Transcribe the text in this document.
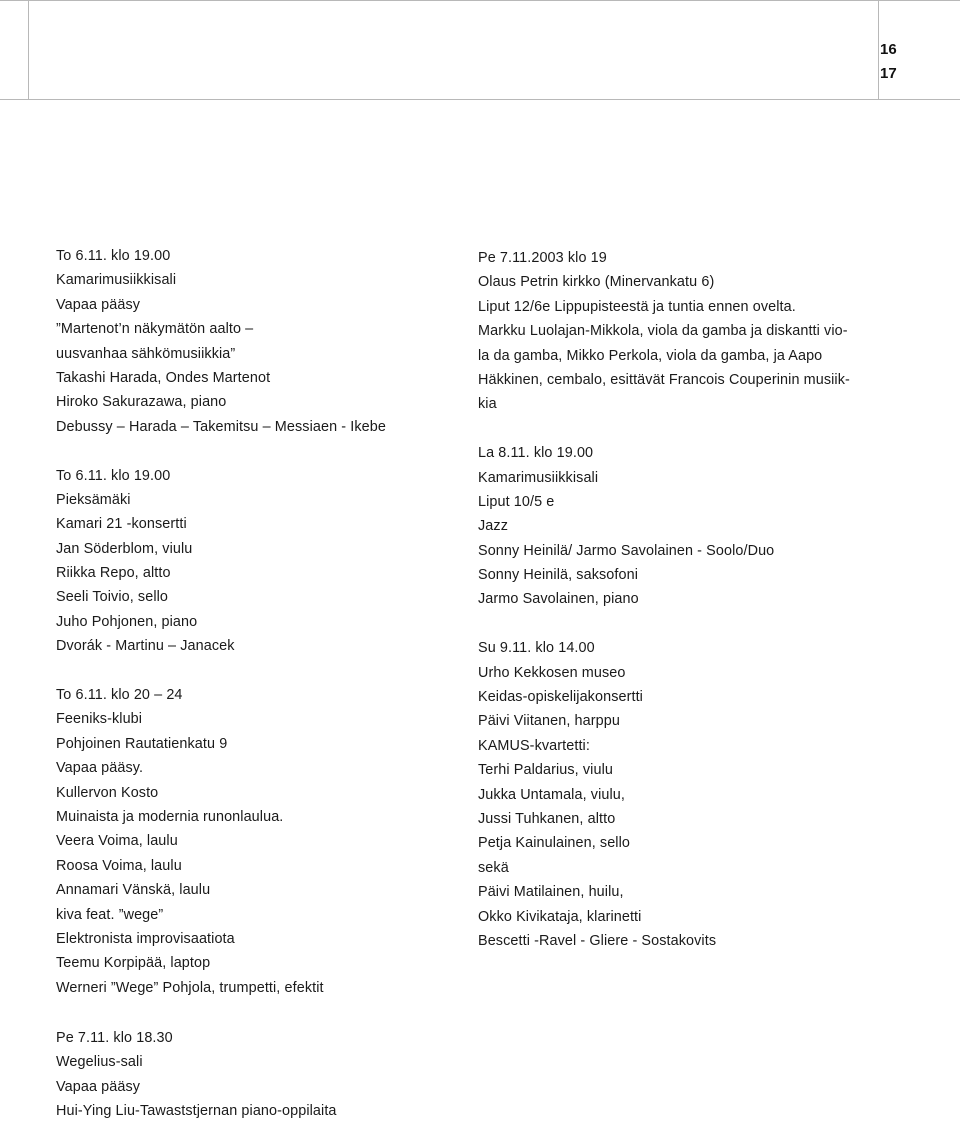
16
17
To 6.11. klo 19.00
Kamarimusiikkisali
Vapaa pääsy
”Martenot’n näkymätön aalto –
uusvanhaa sähkömusiikkia”
Takashi Harada, Ondes Martenot
Hiroko Sakurazawa, piano
Debussy – Harada – Takemitsu – Messiaen - Ikebe
To 6.11. klo 19.00
Pieksämäki
Kamari 21 -konsertti
Jan Söderblom, viulu
Riikka Repo, altto
Seeli Toivio, sello
Juho Pohjonen, piano
Dvorák - Martinu – Janacek
To 6.11. klo 20 – 24
Feeniks-klubi
Pohjoinen Rautatienkatu 9
Vapaa pääsy.
Kullervon Kosto
Muinaista ja modernia runonlaulua.
Veera Voima, laulu
Roosa Voima, laulu
Annamari Vänskä, laulu
kiva feat. ”wege”
Elektronista improvisaatiota
Teemu Korpipää, laptop
Werneri ”Wege” Pohjola, trumpetti, efektit
Pe 7.11.2003 klo 19
Olaus Petrin kirkko (Minervankatu 6)
Liput 12/6e Lippupisteestä ja tuntia ennen ovelta.
Markku Luolajan-Mikkola, viola da gamba ja diskantti vio-
la da gamba, Mikko Perkola, viola da gamba, ja Aapo
Häkkinen, cembalo, esittävät Francois Couperinin musiik-
kia
La 8.11. klo 19.00
Kamarimusiikkisali
Liput 10/5 e
Jazz
Sonny Heinilä/ Jarmo Savolainen - Soolo/Duo
Sonny Heinilä, saksofoni
Jarmo Savolainen, piano
Su 9.11. klo 14.00
Urho Kekkosen museo
Keidas-opiskelijakonsertti
Päivi Viitanen, harppu
KAMUS-kvartetti:
Terhi Paldarius, viulu
Jukka Untamala, viulu,
Jussi Tuhkanen, altto
Petja Kainulainen, sello
sekä
Päivi Matilainen, huilu,
Okko Kivikataja, klarinetti
Bescetti -Ravel - Gliere - Sostakovits
Pe 7.11. klo 18.30
Wegelius-sali
Vapaa pääsy
Hui-Ying Liu-Tawaststjernan piano-oppilaita
